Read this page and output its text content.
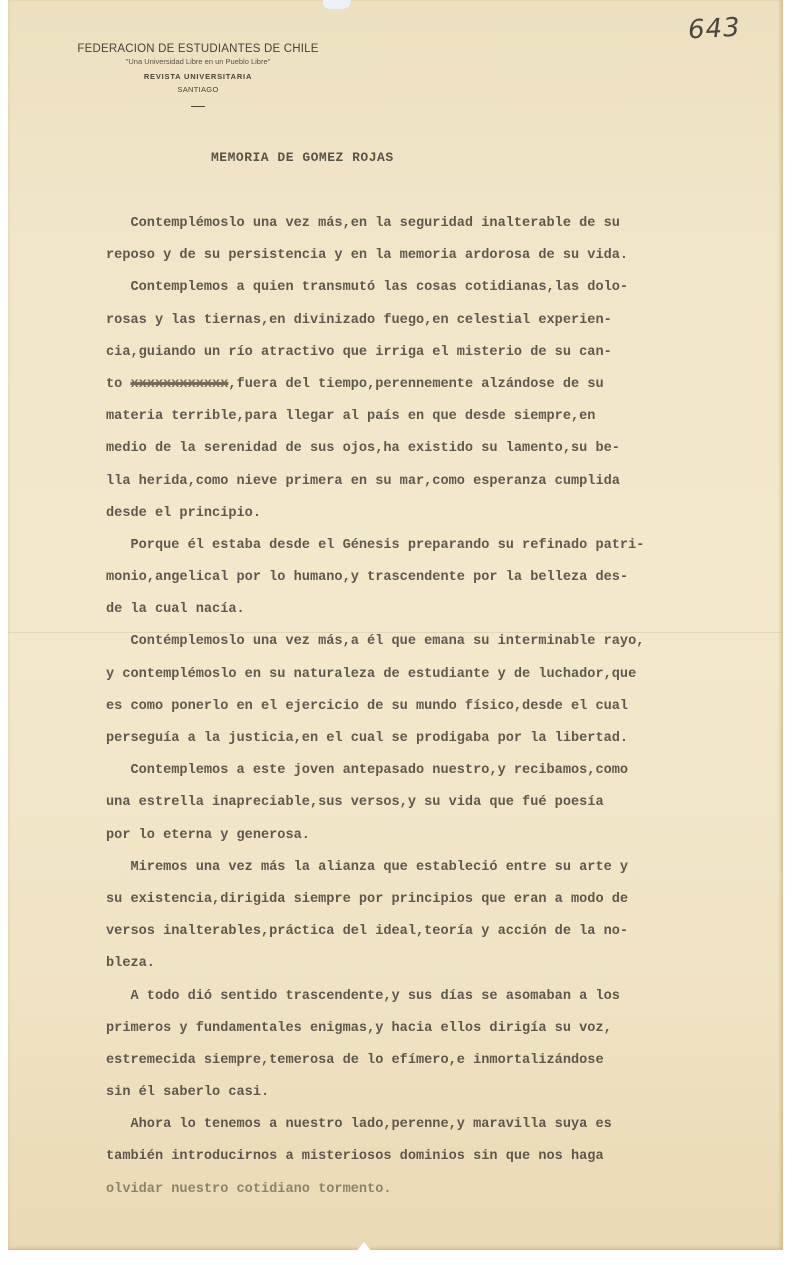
643
FEDERACION DE ESTUDIANTES DE CHILE
"Una Universidad Libre en un Pueblo Libre"
REVISTA UNIVERSITARIA
SANTIAGO
MEMORIA DE GOMEZ ROJAS
Contemplémoslo una vez más,en la seguridad inalterable de su
reposo y de su persistencia y en la memoria ardorosa de su vida.
Contemplemos a quien transmutó las cosas cotidianas,las dolo-
rosas y las tiernas,en divinizado fuego,en celestial experien-
cia,guiando un río atractivo que irriga el misterio de su can-
to xxxxxxxxxxxx,fuera del tiempo,perennemente alzándose de su
materia terrible,para llegar al país en que desde siempre,en
medio de la serenidad de sus ojos,ha existido su lamento,su be-
lla herida,como nieve primera en su mar,como esperanza cumplida
desde el principio.
Porque él estaba desde el Génesis preparando su refinado patri-
monio,angelical por lo humano,y trascendente por la belleza des-
de la cual nacía.
Contémplemoslo una vez más,a él que emana su interminable rayo,
y contemplémoslo en su naturaleza de estudiante y de luchador,que
es como ponerlo en el ejercicio de su mundo físico,desde el cual
perseguía a la justicia,en el cual se prodigaba por la libertad.
Contemplemos a este joven antepasado nuestro,y recibamos,como
una estrella inapreciable,sus versos,y su vida que fué poesía
por lo eterna y generosa.
Miremos una vez más la alianza que estableció entre su arte y
su existencia,dirigida siempre por principios que eran a modo de
versos inalterables,práctica del ideal,teoría y acción de la no-
bleza.
A todo dió sentido trascendente,y sus días se asomaban a los
primeros y fundamentales enigmas,y hacia ellos dirigía su voz,
estremecida siempre,temerosa de lo efímero,e inmortalizándose
sin él saberlo casi.
Ahora lo tenemos a nuestro lado,perenne,y maravilla suya es
también introducirnos a misteriosos dominios sin que nos haga
olvidar nuestro cotidiano tormento.
